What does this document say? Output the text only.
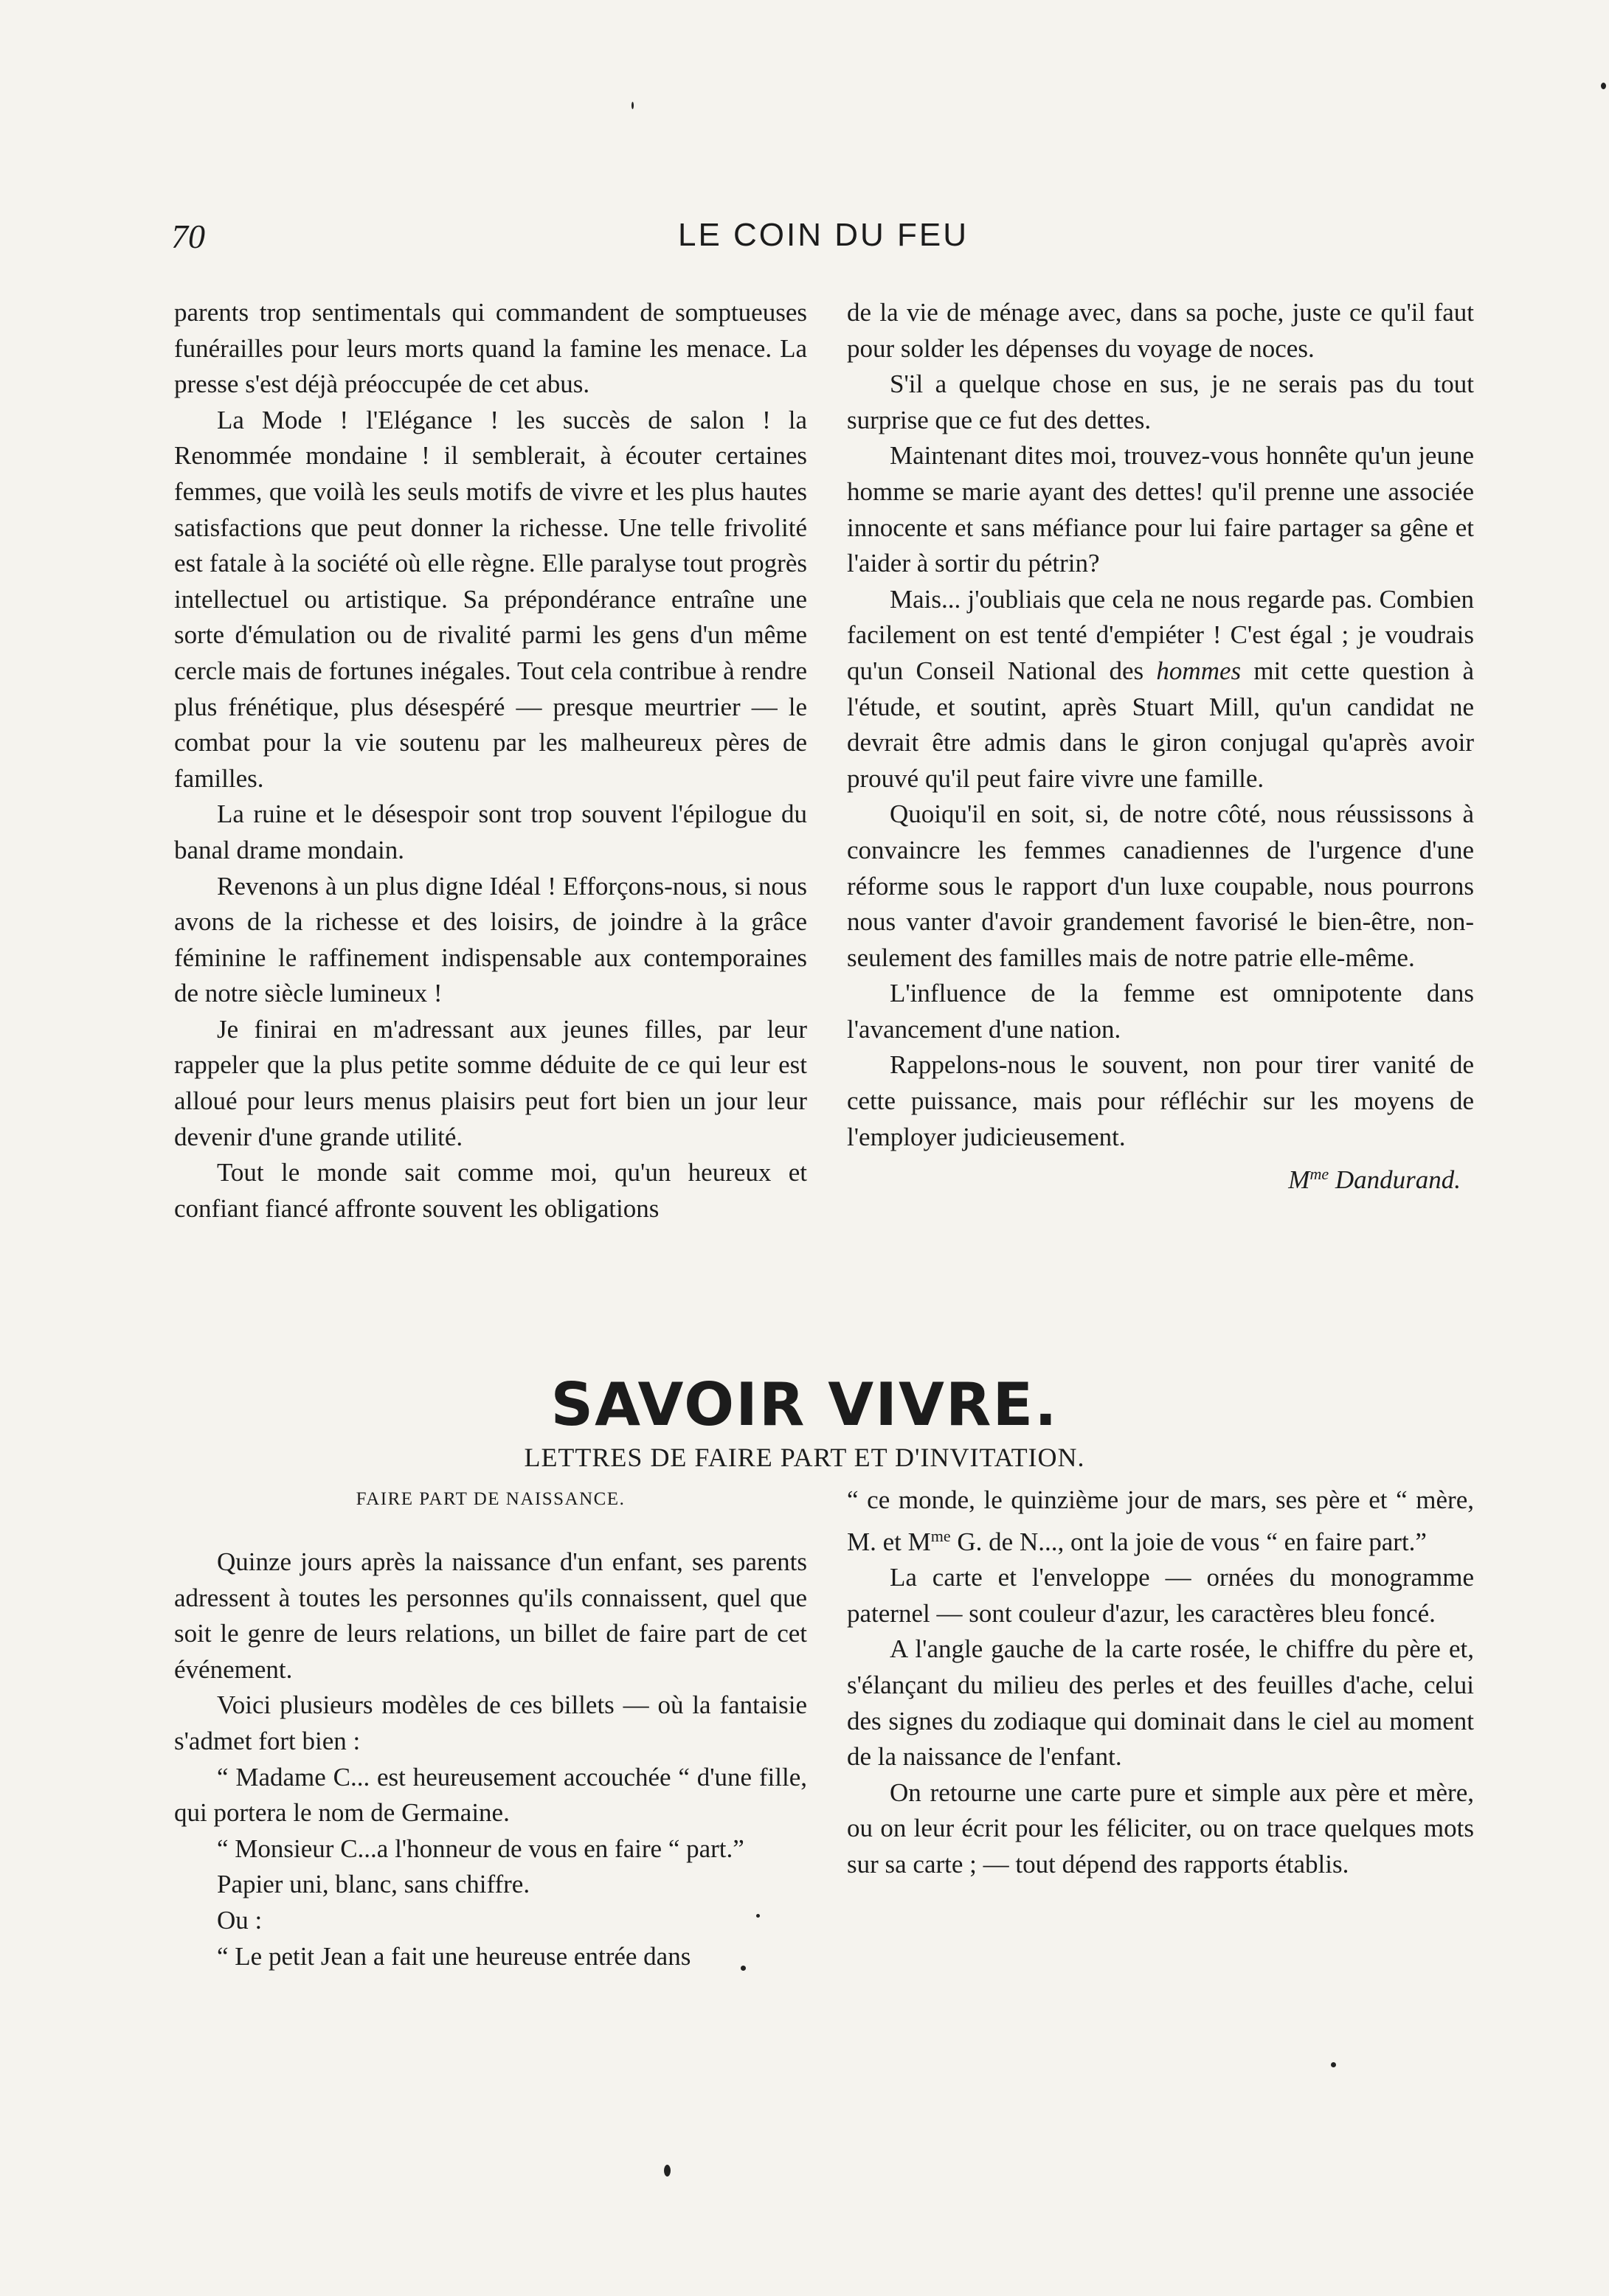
70	LE COIN DU FEU

parents trop sentimentals qui commandent de somptueuses funérailles pour leurs morts quand la famine les menace. La presse s'est déjà préoccupée de cet abus.

La Mode ! l'Elégance ! les succès de salon ! la Renommée mondaine ! il semblerait, à écouter certaines femmes, que voilà les seuls motifs de vivre et les plus hautes satisfactions que peut donner la richesse. Une telle frivolité est fatale à la société où elle règne. Elle paralyse tout progrès intellectuel ou artistique. Sa prépondérance entraîne une sorte d'émulation ou de rivalité parmi les gens d'un même cercle mais de fortunes inégales. Tout cela contribue à rendre plus frénétique, plus désespéré — presque meurtrier — le combat pour la vie soutenu par les malheureux pères de familles.

La ruine et le désespoir sont trop souvent l'épilogue du banal drame mondain.

Revenons à un plus digne Idéal ! Efforçons-nous, si nous avons de la richesse et des loisirs, de joindre à la grâce féminine le raffinement indispensable aux contemporaines de notre siècle lumineux !

Je finirai en m'adressant aux jeunes filles, par leur rappeler que la plus petite somme déduite de ce qui leur est alloué pour leurs menus plaisirs peut fort bien un jour leur devenir d'une grande utilité.

Tout le monde sait comme moi, qu'un heureux et confiant fiancé affronte souvent les obligations

de la vie de ménage avec, dans sa poche, juste ce qu'il faut pour solder les dépenses du voyage de noces.

S'il a quelque chose en sus, je ne serais pas du tout surprise que ce fut des dettes.

Maintenant dites moi, trouvez-vous honnête qu'un jeune homme se marie ayant des dettes! qu'il prenne une associée innocente et sans méfiance pour lui faire partager sa gêne et l'aider à sortir du pétrin?

Mais... j'oubliais que cela ne nous regarde pas. Combien facilement on est tenté d'empiéter ! C'est égal ; je voudrais qu'un Conseil National des hommes mit cette question à l'étude, et soutint, après Stuart Mill, qu'un candidat ne devrait être admis dans le giron conjugal qu'après avoir prouvé qu'il peut faire vivre une famille.

Quoiqu'il en soit, si, de notre côté, nous réussissons à convaincre les femmes canadiennes de l'urgence d'une réforme sous le rapport d'un luxe coupable, nous pourrons nous vanter d'avoir grandement favorisé le bien-être, non-seulement des familles mais de notre patrie elle-même.

L'influence de la femme est omnipotente dans l'avancement d'une nation.

Rappelons-nous le souvent, non pour tirer vanité de cette puissance, mais pour réfléchir sur les moyens de l'employer judicieusement.

$M^{me}$ Dandurand.
SAVOIR VIVRE.
LETTRES DE FAIRE PART ET D'INVITATION.
FAIRE PART DE NAISSANCE.

Quinze jours après la naissance d'un enfant, ses parents adressent à toutes les personnes qu'ils connaissent, quel que soit le genre de leurs relations, un billet de faire part de cet événement.

Voici plusieurs modèles de ces billets — où la fantaisie s'admet fort bien :

“ Madame C... est heureusement accouchée “ d'une fille, qui portera le nom de Germaine.

“ Monsieur C...a l'honneur de vous en faire “ part.”

Papier uni, blanc, sans chiffre.

Ou :

“ Le petit Jean a fait une heureuse entrée dans

“ ce monde, le quinzième jour de mars, ses père et “ mère, M. et $M^{me}$ G. de N..., ont la joie de vous “ en faire part.”

La carte et l'enveloppe — ornées du monogramme paternel — sont couleur d'azur, les caractères bleu foncé.

A l'angle gauche de la carte rosée, le chiffre du père et, s'élançant du milieu des perles et des feuilles d'ache, celui des signes du zodiaque qui dominait dans le ciel au moment de la naissance de l'enfant.

On retourne une carte pure et simple aux père et mère, ou on leur écrit pour les féliciter, ou on trace quelques mots sur sa carte ; — tout dépend des rapports établis.
